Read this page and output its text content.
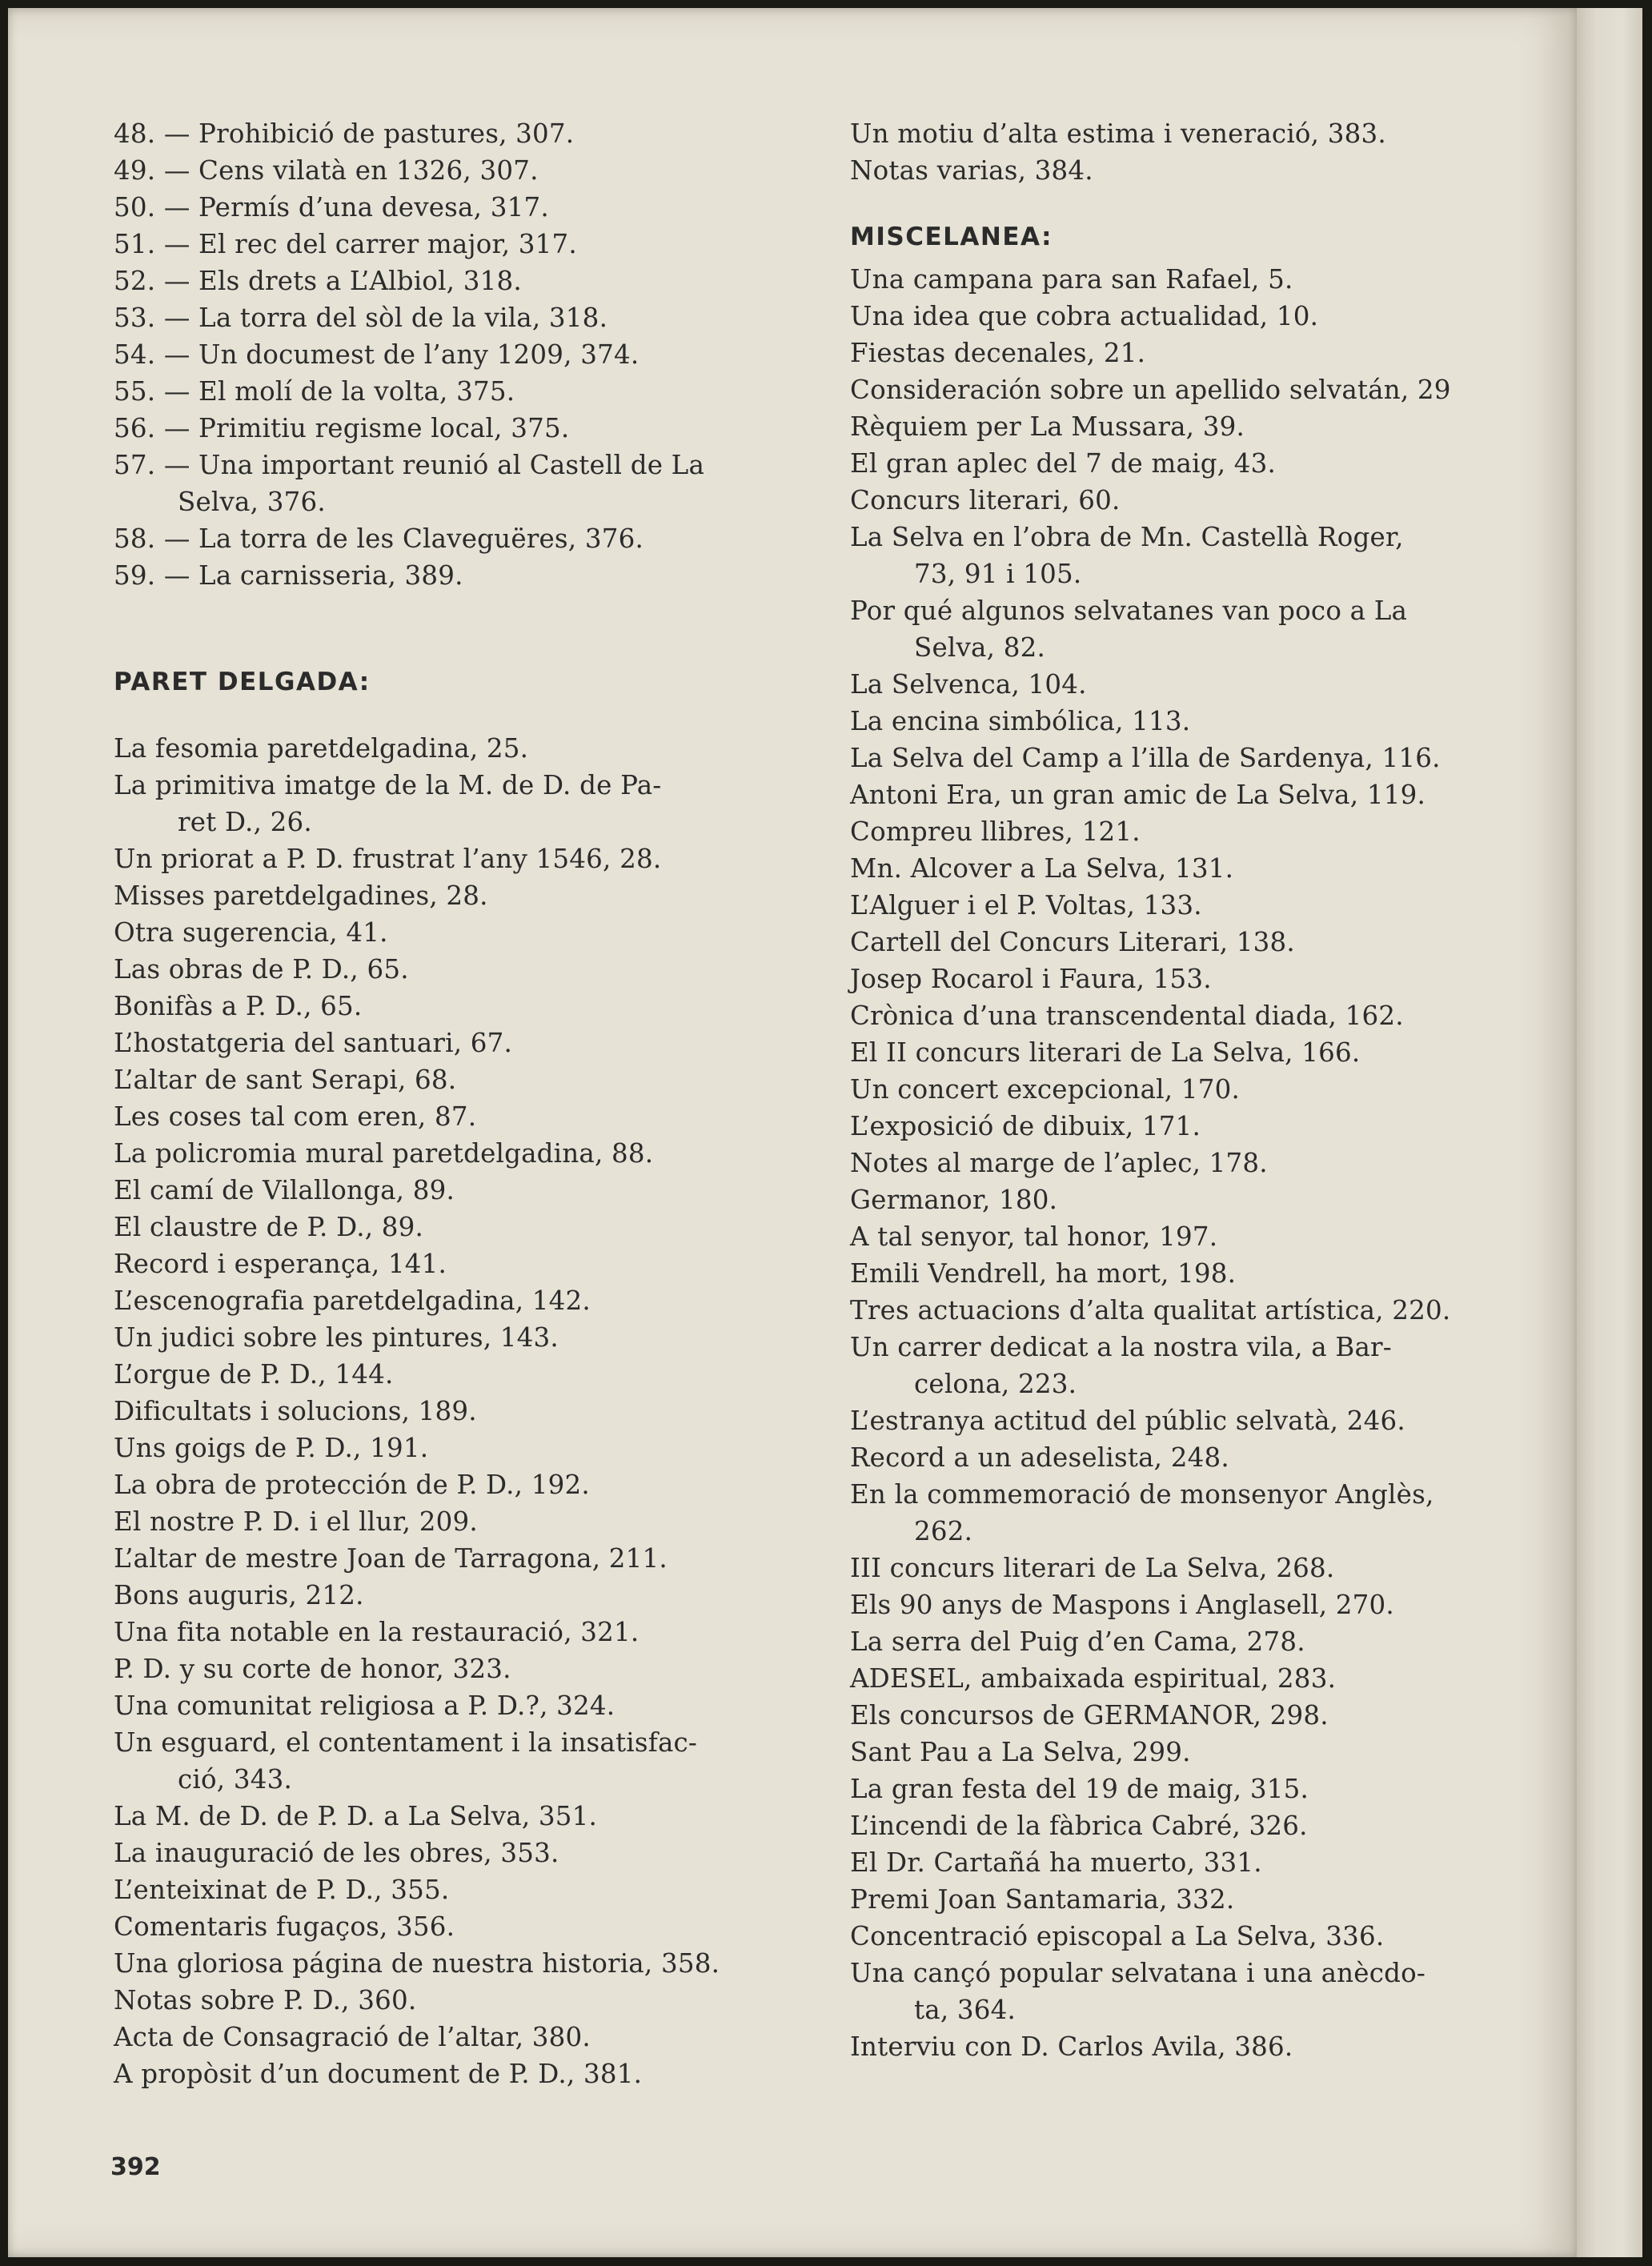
48. — Prohibició de pastures, 307.
49. — Cens vilatà en 1326, 307.
50. — Permís d’una devesa, 317.
51. — El rec del carrer major, 317.
52. — Els drets a L’Albiol, 318.
53. — La torra del sòl de la vila, 318.
54. — Un documest de l’any 1209, 374.
55. — El molí de la volta, 375.
56. — Primitiu regisme local, 375.
57. — Una important reunió al Castell de La
Selva, 376.
58. — La torra de les Claveguëres, 376.
59. — La carnisseria, 389.
PARET DELGADA:
La fesomia paretdelgadina, 25.
La primitiva imatge de la M. de D. de Pa-
ret D., 26.
Un priorat a P. D. frustrat l’any 1546, 28.
Misses paretdelgadines, 28.
Otra sugerencia, 41.
Las obras de P. D., 65.
Bonifàs a P. D., 65.
L’hostatgeria del santuari, 67.
L’altar de sant Serapi, 68.
Les coses tal com eren, 87.
La policromia mural paretdelgadina, 88.
El camí de Vilallonga, 89.
El claustre de P. D., 89.
Record i esperança, 141.
L’escenografia paretdelgadina, 142.
Un judici sobre les pintures, 143.
L’orgue de P. D., 144.
Dificultats i solucions, 189.
Uns goigs de P. D., 191.
La obra de protección de P. D., 192.
El nostre P. D. i el llur, 209.
L’altar de mestre Joan de Tarragona, 211.
Bons auguris, 212.
Una fita notable en la restauració, 321.
P. D. y su corte de honor, 323.
Una comunitat religiosa a P. D.?, 324.
Un esguard, el contentament i la insatisfac-
ció, 343.
La M. de D. de P. D. a La Selva, 351.
La inauguració de les obres, 353.
L’enteixinat de P. D., 355.
Comentaris fugaços, 356.
Una gloriosa página de nuestra historia, 358.
Notas sobre P. D., 360.
Acta de Consagració de l’altar, 380.
A propòsit d’un document de P. D., 381.
Un motiu d’alta estima i veneració, 383.
Notas varias, 384.
MISCELANEA:
Una campana para san Rafael, 5.
Una idea que cobra actualidad, 10.
Fiestas decenales, 21.
Consideración sobre un apellido selvatán, 29
Rèquiem per La Mussara, 39.
El gran aplec del 7 de maig, 43.
Concurs literari, 60.
La Selva en l’obra de Mn. Castellà Roger,
73, 91 i 105.
Por qué algunos selvatanes van poco a La
Selva, 82.
La Selvenca, 104.
La encina simbólica, 113.
La Selva del Camp a l’illa de Sardenya, 116.
Antoni Era, un gran amic de La Selva, 119.
Compreu llibres, 121.
Mn. Alcover a La Selva, 131.
L’Alguer i el P. Voltas, 133.
Cartell del Concurs Literari, 138.
Josep Rocarol i Faura, 153.
Crònica d’una transcendental diada, 162.
El II concurs literari de La Selva, 166.
Un concert excepcional, 170.
L’exposició de dibuix, 171.
Notes al marge de l’aplec, 178.
Germanor, 180.
A tal senyor, tal honor, 197.
Emili Vendrell, ha mort, 198.
Tres actuacions d’alta qualitat artística, 220.
Un carrer dedicat a la nostra vila, a Bar-
celona, 223.
L’estranya actitud del públic selvatà, 246.
Record a un adeselista, 248.
En la commemoració de monsenyor Anglès,
262.
III concurs literari de La Selva, 268.
Els 90 anys de Maspons i Anglasell, 270.
La serra del Puig d’en Cama, 278.
ADESEL, ambaixada espiritual, 283.
Els concursos de GERMANOR, 298.
Sant Pau a La Selva, 299.
La gran festa del 19 de maig, 315.
L’incendi de la fàbrica Cabré, 326.
El Dr. Cartañá ha muerto, 331.
Premi Joan Santamaria, 332.
Concentració episcopal a La Selva, 336.
Una cançó popular selvatana i una anècdo-
ta, 364.
Interviu con D. Carlos Avila, 386.
392
